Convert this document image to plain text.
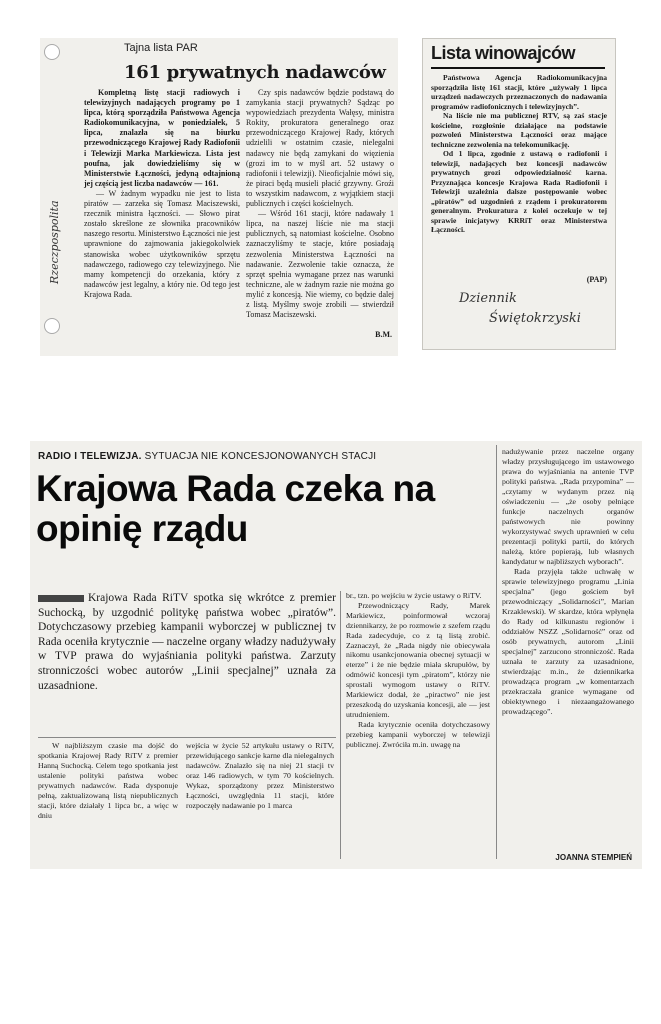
Rzeczpospolita
Tajna lista PAR
161 prywatnych nadawców

Kompletną listę stacji radiowych i telewizyjnych nadających programy po 1 lipca, którą sporządziła Państwowa Agencja Radiokomunikacyjna, w poniedziałek, 5 lipca, znalazła się na biurku przewodniczącego Krajowej Rady Radiofonii i Telewizji Marka Markiewicza. Lista jest poufna, jak dowiedzieliśmy się w Ministerstwie Łączności, jedyną odtajnioną jej częścią jest liczba nadawców — 161.

— W żadnym wypadku nie jest to lista piratów — zarzeka się Tomasz Maciszewski, rzecznik ministra łączności. — Słowo pirat zostało skreślone ze słownika pracowników naszego resortu. Ministerstwo Łączności nie jest uprawnione do zajmowania jakiegokolwiek stanowiska wobec użytkowników sprzętu nadawczego, radiowego czy telewizyjnego. Nie mamy kompetencji do orzekania, który z nadawców jest legalny, a który nie. Od tego jest Krajowa Rada.

Czy spis nadawców będzie podstawą do zamykania stacji prywatnych? Sądząc po wypowiedziach prezydenta Wałęsy, ministra Rokity, prokuratora generalnego oraz przewodniczącego Krajowej Rady, których udzielili w ostatnim czasie, nielegalni nadawcy nie będą zamykani do więzienia (grozi im to w myśl art. 52 ustawy o radiofonii i telewizji). Nieoficjalnie mówi się, że piraci będą musieli płacić grzywny. Groźi to wszystkim nadawcom, z wyjątkiem stacji publicznych i części kościelnych.

— Wśród 161 stacji, które nadawały 1 lipca, na naszej liście nie ma stacji publicznych, są natomiast kościelne. Osobno zaznaczyliśmy te stacje, które posiadają zezwolenia Ministerstwa Łączności na nadawanie. Zezwolenie takie oznacza, że sprzęt spełnia wymagane przez nas warunki techniczne, ale w żadnym razie nie można go mylić z koncesją. Nie wiemy, co będzie dalej z listą. Myślmy swoje zrobili — stwierdził Tomasz Maciszewski.

B.M.
Lista winowajców

Państwowa Agencja Radiokomunikacyjna sporządziła listę 161 stacji, które „używały 1 lipca urządzeń nadawczych przeznaczonych do nadawania programów radiofonicznych i telewizyjnych”.

Na liście nie ma publicznej RTV, są zaś stacje kościelne, rozgłośnie działające na podstawie pozwoleń Ministerstwa Łączności oraz mające techniczne zezwolenia na telekomunikację.

Od 1 lipca, zgodnie z ustawą o radiofonii i telewizji, nadających bez koncesji nadawców prywatnych grozi odpowiedzialność karna. Przyznająca koncesje Krajowa Rada Radiofonii i Telewizji uzależnia dalsze postępowanie wobec „piratów” od uzgodnień z rządem i prokuratorem generalnym. Prokuratura z kolei oczekuje w tej sprawie inicjatywy KRRiT oraz Ministerstwa Łączności.

(PAP)
Dziennik
Świętokrzyski
RADIO I TELEWIZJA. SYTUACJA NIE KONCESJONOWANYCH STACJI
Krajowa Rada czeka na opinię rządu

Krajowa Rada RiTV spotka się wkrótce z premier Suchocką, by uzgodnić politykę państwa wobec „piratów”. Dotychczasowy przebieg kampanii wyborczej w publicznej tv Rada oceniła krytycznie — naczelne organy władzy nadużywały w TVP prawa do wyjaśniania polityki państwa. Zarzuty stronniczości wobec autorów „Linii specjalnej” uznała za uzasadnione.

W najbliższym czasie ma dojść do spotkania Krajowej Rady RiTV z premier Hanną Suchocką. Celem tego spotkania jest ustalenie polityki państwa wobec prywatnych nadawców. Rada dysponuje pełną, zaktualizowaną listą niepublicznych stacji, które działały 1 lipca br., a więc w dniu

wejścia w życie 52 artykułu ustawy o RiTV, przewidującego sankcje karne dla nielegalnych nadawców. Znalazło się na niej 21 stacji tv oraz 146 radiowych, w tym 70 kościelnych. Wykaz, sporządzony przez Ministerstwo Łączności, uwzględnia 11 stacji, które rozpoczęły nadawanie po 1 marca

br., tzn. po wejściu w życie ustawy o RiTV.

Przewodniczący Rady, Marek Markiewicz, poinformował wczoraj dziennikarzy, że po rozmowie z szefem rządu Rada zadecyduje, co z tą listą zrobić. Zaznaczył, że „Rada nigdy nie obiecywała nikomu usankcjonowania obecnej sytuacji w eterze” i że nie będzie miała skrupułów, by odmówić koncesji tym „piratom”, którzy nie sprostali wymogom ustawy o RiTV. Markiewicz dodał, że „piractwo” nie jest przeszkodą do uzyskania koncesji, ale — jest utrudnieniem.

Rada krytycznie oceniła dotychczasowy przebieg kampanii wyborczej w telewizji publicznej. Zwróciła m.in. uwagę na

nadużywanie przez naczelne organy władzy przysługującego im ustawowego prawa do wyjaśniania na antenie TVP polityki państwa. „Rada przypomina” — „czytamy w wydanym przez nią oświadczeniu — „że osoby pełniące funkcje naczelnych organów państwowych nie powinny wykorzystywać swych uprawnień w celu prezentacji polityki partii, do których należą, które popierają, lub własnych kandydatur w najbliższych wyborach”.

Rada przyjęła także uchwałę w sprawie telewizyjnego programu „Linia specjalna” (jego gościem był przewodniczący „Solidarności”, Marian Krzaklewski). W skardze, która wpłynęła do Rady od kilkunastu regionów i oddziałów NSZZ „Solidarność” oraz od osób prywatnych, autorom „Linii specjalnej” zarzucono stronniczość. Rada uznała te zarzuty za uzasadnione, stwierdzając m.in., że dziennikarka prowadząca program „w komentarzach przekraczała granice wymagane od obiektywnego i niezaangażowanego prowadzącego”.

JOANNA STEMPIEŃ
